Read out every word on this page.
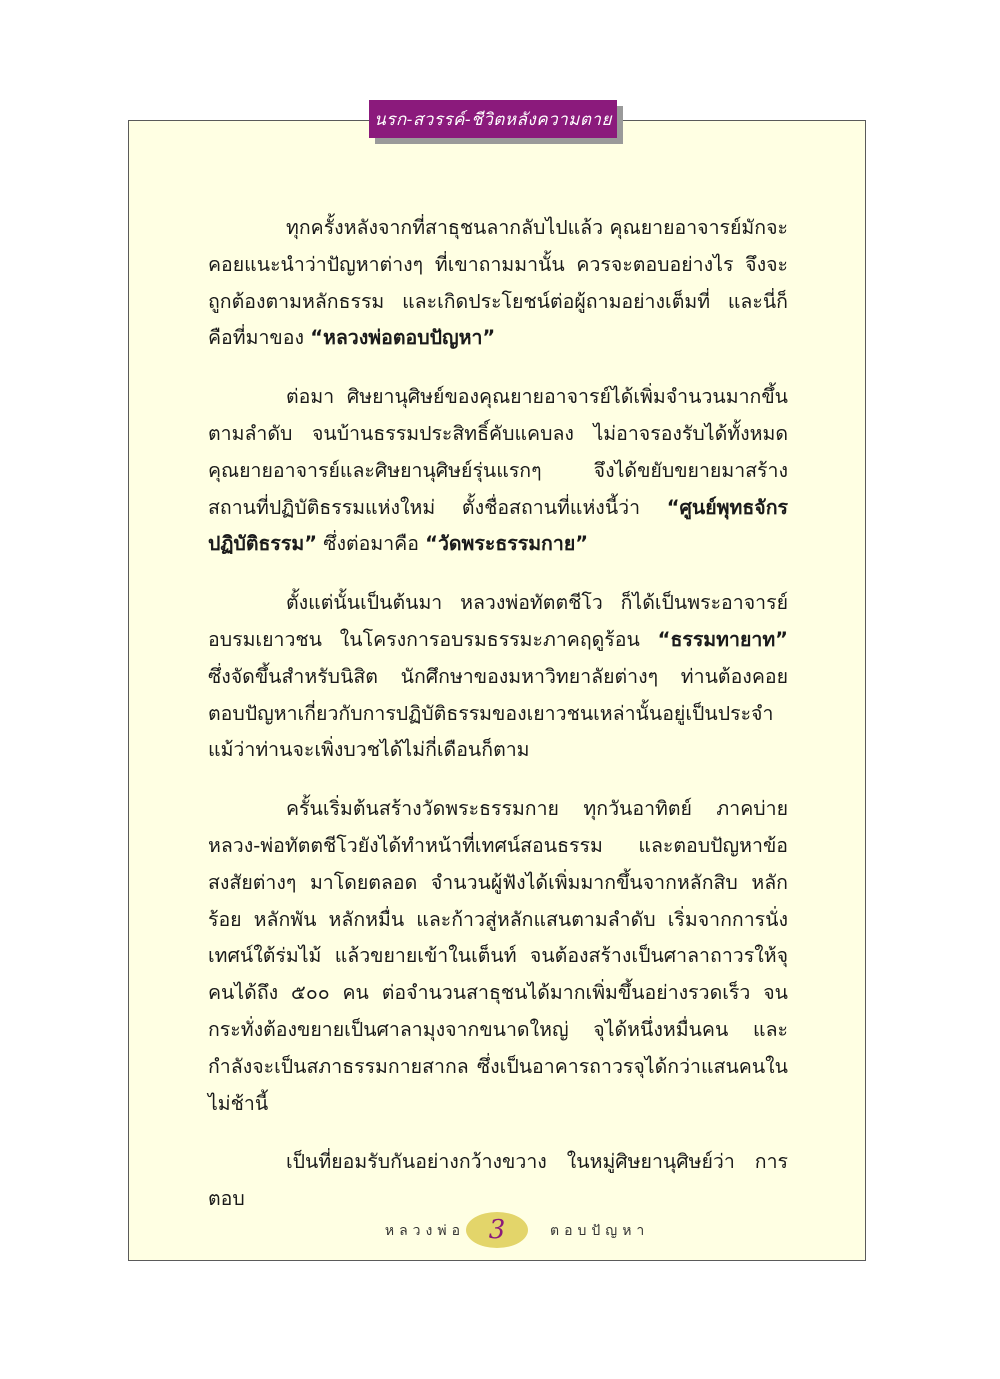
นรก-สวรรค์-ชีวิตหลังความตาย

ทุกครั้งหลังจากที่สาธุชนลากลับไปแล้ว คุณยายอาจารย์มักจะคอยแนะนำว่าปัญหาต่างๆ ที่เขาถามมานั้น ควรจะตอบอย่างไร จึงจะถูกต้องตามหลักธรรม และเกิดประโยชน์ต่อผู้ถามอย่างเต็มที่ และนี่ก็คือที่มาของ “หลวงพ่อตอบปัญหา”

ต่อมา ศิษยานุศิษย์ของคุณยายอาจารย์ได้เพิ่มจำนวนมากขึ้นตามลำดับ จนบ้านธรรมประสิทธิ์คับแคบลง ไม่อาจรองรับได้ทั้งหมด คุณยายอาจารย์และศิษยานุศิษย์รุ่นแรกๆ จึงได้ขยับขยายมาสร้างสถานที่ปฏิบัติธรรมแห่งใหม่ ตั้งชื่อสถานที่แห่งนี้ว่า “ศูนย์พุทธจักรปฏิบัติธรรม” ซึ่งต่อมาคือ “วัดพระธรรมกาย”

ตั้งแต่นั้นเป็นต้นมา หลวงพ่อทัตตชีโว ก็ได้เป็นพระอาจารย์อบรมเยาวชน ในโครงการอบรมธรรมะภาคฤดูร้อน “ธรรมทายาท” ซึ่งจัดขึ้นสำหรับนิสิต นักศึกษาของมหาวิทยาลัยต่างๆ ท่านต้องคอยตอบปัญหาเกี่ยวกับการปฏิบัติธรรมของเยาวชนเหล่านั้นอยู่เป็นประจำ แม้ว่าท่านจะเพิ่งบวชได้ไม่กี่เดือนก็ตาม

ครั้นเริ่มต้นสร้างวัดพระธรรมกาย ทุกวันอาทิตย์ ภาคบ่าย หลวง-พ่อทัตตชีโวยังได้ทำหน้าที่เทศน์สอนธรรม และตอบปัญหาข้อสงสัยต่างๆ มาโดยตลอด จำนวนผู้ฟังได้เพิ่มมากขึ้นจากหลักสิบ หลักร้อย หลักพัน หลักหมื่น และก้าวสู่หลักแสนตามลำดับ เริ่มจากการนั่งเทศน์ใต้ร่มไม้ แล้วขยายเข้าในเต็นท์ จนต้องสร้างเป็นศาลาถาวรให้จุคนได้ถึง ๕๐๐ คน ต่อจำนวนสาธุชนได้มากเพิ่มขึ้นอย่างรวดเร็ว จนกระทั่งต้องขยายเป็นศาลามุงจากขนาดใหญ่ จุได้หนึ่งหมื่นคน และกำลังจะเป็นสภาธรรมกายสากล ซึ่งเป็นอาคารถาวรจุได้กว่าแสนคนในไม่ช้านี้

เป็นที่ยอมรับกันอย่างกว้างขวาง ในหมู่ศิษยานุศิษย์ว่า การตอบ

หลวงพ่อ 3	ตอบปัญหา
